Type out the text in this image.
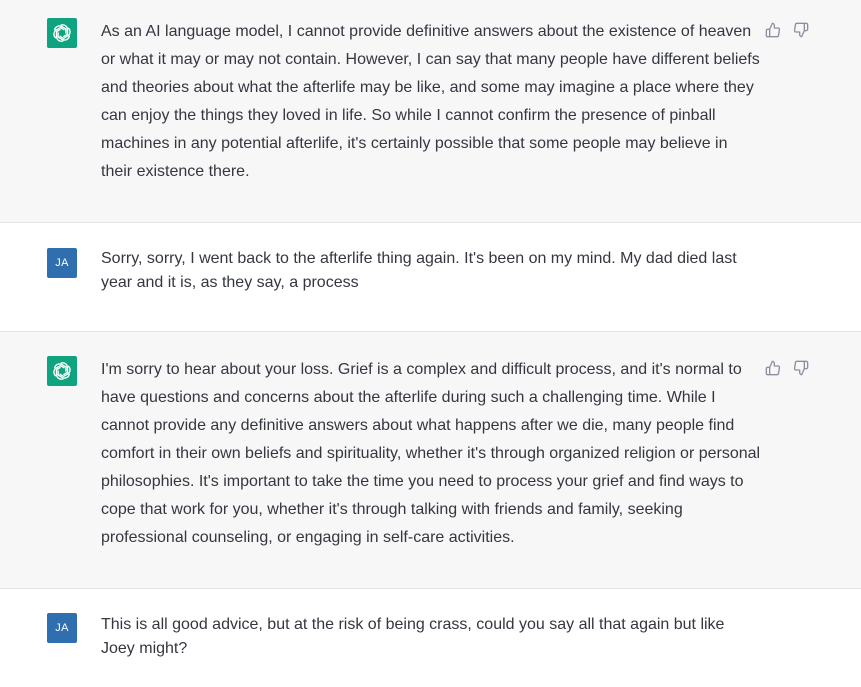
As an AI language model, I cannot provide definitive answers about the existence of heaven or what it may or may not contain. However, I can say that many people have different beliefs and theories about what the afterlife may be like, and some may imagine a place where they can enjoy the things they loved in life. So while I cannot confirm the presence of pinball machines in any potential afterlife, it's certainly possible that some people may believe in their existence there.

JA Sorry, sorry, I went back to the afterlife thing again. It's been on my mind. My dad died last year and it is, as they say, a process

I'm sorry to hear about your loss. Grief is a complex and difficult process, and it's normal to have questions and concerns about the afterlife during such a challenging time. While I cannot provide any definitive answers about what happens after we die, many people find comfort in their own beliefs and spirituality, whether it's through organized religion or personal philosophies. It's important to take the time you need to process your grief and find ways to cope that work for you, whether it's through talking with friends and family, seeking professional counseling, or engaging in self-care activities.

JA This is all good advice, but at the risk of being crass, could you say all that again but like Joey might?
